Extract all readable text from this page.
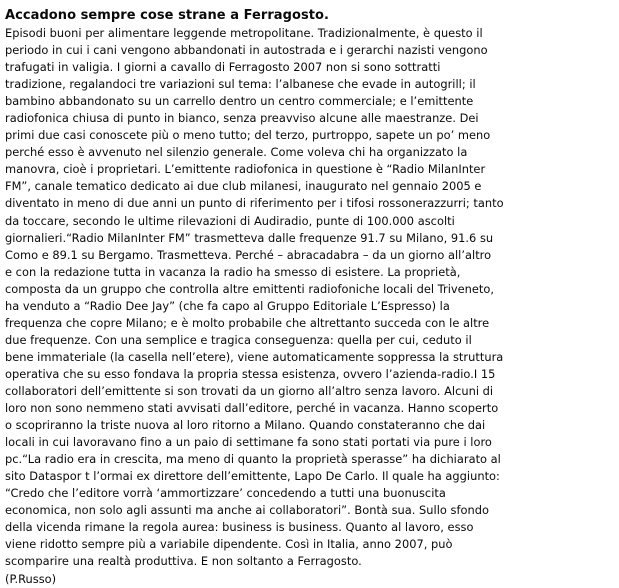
Accadono sempre cose strane a Ferragosto.
Episodi buoni per alimentare leggende metropolitane. Tradizionalmente, è questo il
periodo in cui i cani vengono abbandonati in autostrada e i gerarchi nazisti vengono
trafugati in valigia. I giorni a cavallo di Ferragosto 2007 non si sono sottratti
tradizione, regalandoci tre variazioni sul tema: l’albanese che evade in autogrill; il
bambino abbandonato su un carrello dentro un centro commerciale; e l’emittente
radiofonica chiusa di punto in bianco, senza preavviso alcune alle maestranze. Dei
primi due casi conoscete più o meno tutto; del terzo, purtroppo, sapete un po’ meno
perché esso è avvenuto nel silenzio generale. Come voleva chi ha organizzato la
manovra, cioè i proprietari. L’emittente radiofonica in questione è “Radio MilanInter
FM”, canale tematico dedicato ai due club milanesi, inaugurato nel gennaio 2005 e
diventato in meno di due anni un punto di riferimento per i tifosi rossonerazzurri; tanto
da toccare, secondo le ultime rilevazioni di Audiradio, punte di 100.000 ascolti
giornalieri.“Radio MilanInter FM” trasmetteva dalle frequenze 91.7 su Milano, 91.6 su
Como e 89.1 su Bergamo. Trasmetteva. Perché – abracadabra – da un giorno all’altro
e con la redazione tutta in vacanza la radio ha smesso di esistere. La proprietà,
composta da un gruppo che controlla altre emittenti radiofoniche locali del Triveneto,
ha venduto a “Radio Dee Jay” (che fa capo al Gruppo Editoriale L’Espresso) la
frequenza che copre Milano; e è molto probabile che altrettanto succeda con le altre
due frequenze. Con una semplice e tragica conseguenza: quella per cui, ceduto il
bene immateriale (la casella nell’etere), viene automaticamente soppressa la struttura
operativa che su esso fondava la propria stessa esistenza, ovvero l’azienda-radio.I 15
collaboratori dell’emittente si son trovati da un giorno all’altro senza lavoro. Alcuni di
loro non sono nemmeno stati avvisati dall’editore, perché in vacanza. Hanno scoperto
o scopriranno la triste nuova al loro ritorno a Milano. Quando constateranno che dai
locali in cui lavoravano fino a un paio di settimane fa sono stati portati via pure i loro
pc.“La radio era in crescita, ma meno di quanto la proprietà sperasse” ha dichiarato al
sito Dataspor t l’ormai ex direttore dell’emittente, Lapo De Carlo. Il quale ha aggiunto:
“Credo che l’editore vorrà ‘ammortizzare’ concedendo a tutti una buonuscita
economica, non solo agli assunti ma anche ai collaboratori”. Bontà sua. Sullo sfondo
della vicenda rimane la regola aurea: business is business. Quanto al lavoro, esso
viene ridotto sempre più a variabile dipendente. Così in Italia, anno 2007, può
scomparire una realtà produttiva. E non soltanto a Ferragosto.
(P.Russo)
